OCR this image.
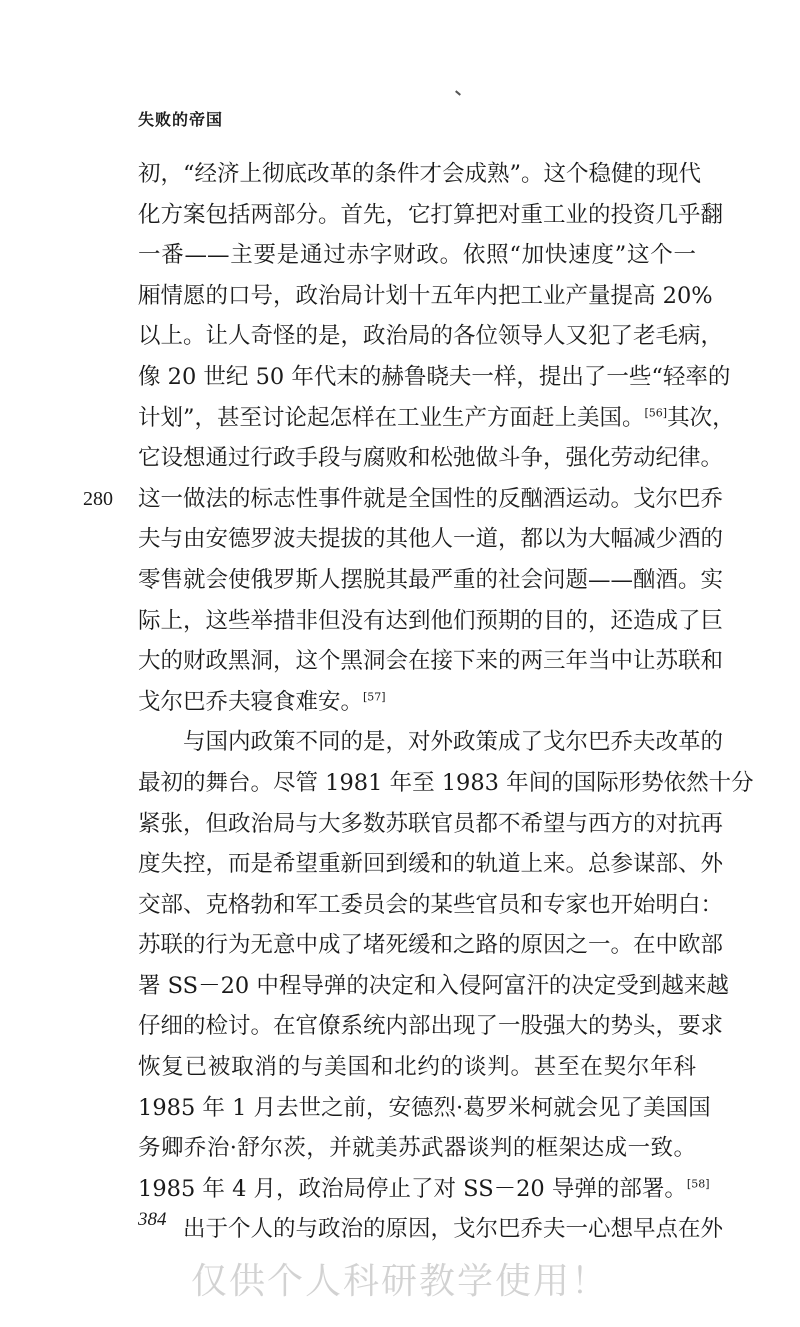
失败的帝国
280
初，“经济上彻底改革的条件才会成熟”。这个稳健的现代
化方案包括两部分。首先，它打算把对重工业的投资几乎翻
一番——主要是通过赤字财政。依照“加快速度”这个一
厢情愿的口号，政治局计划十五年内把工业产量提高 20%
以上。让人奇怪的是，政治局的各位领导人又犯了老毛病，
像 20 世纪 50 年代末的赫鲁晓夫一样，提出了一些“轻率的
计划”，甚至讨论起怎样在工业生产方面赶上美国。[56]其次，
它设想通过行政手段与腐败和松弛做斗争，强化劳动纪律。
这一做法的标志性事件就是全国性的反酗酒运动。戈尔巴乔
夫与由安德罗波夫提拔的其他人一道，都以为大幅减少酒的
零售就会使俄罗斯人摆脱其最严重的社会问题——酗酒。实
际上，这些举措非但没有达到他们预期的目的，还造成了巨
大的财政黑洞，这个黑洞会在接下来的两三年当中让苏联和
戈尔巴乔夫寝食难安。[57]
与国内政策不同的是，对外政策成了戈尔巴乔夫改革的
最初的舞台。尽管 1981 年至 1983 年间的国际形势依然十分
紧张，但政治局与大多数苏联官员都不希望与西方的对抗再
度失控，而是希望重新回到缓和的轨道上来。总参谋部、外
交部、克格勃和军工委员会的某些官员和专家也开始明白：
苏联的行为无意中成了堵死缓和之路的原因之一。在中欧部
署 SS－20 中程导弹的决定和入侵阿富汗的决定受到越来越
仔细的检讨。在官僚系统内部出现了一股强大的势头，要求
恢复已被取消的与美国和北约的谈判。甚至在契尔年科
1985 年 1 月去世之前，安德烈·葛罗米柯就会见了美国国
务卿乔治·舒尔茨，并就美苏武器谈判的框架达成一致。
1985 年 4 月，政治局停止了对 SS－20 导弹的部署。[58]
出于个人的与政治的原因，戈尔巴乔夫一心想早点在外
384
仅供个人科研教学使用！
